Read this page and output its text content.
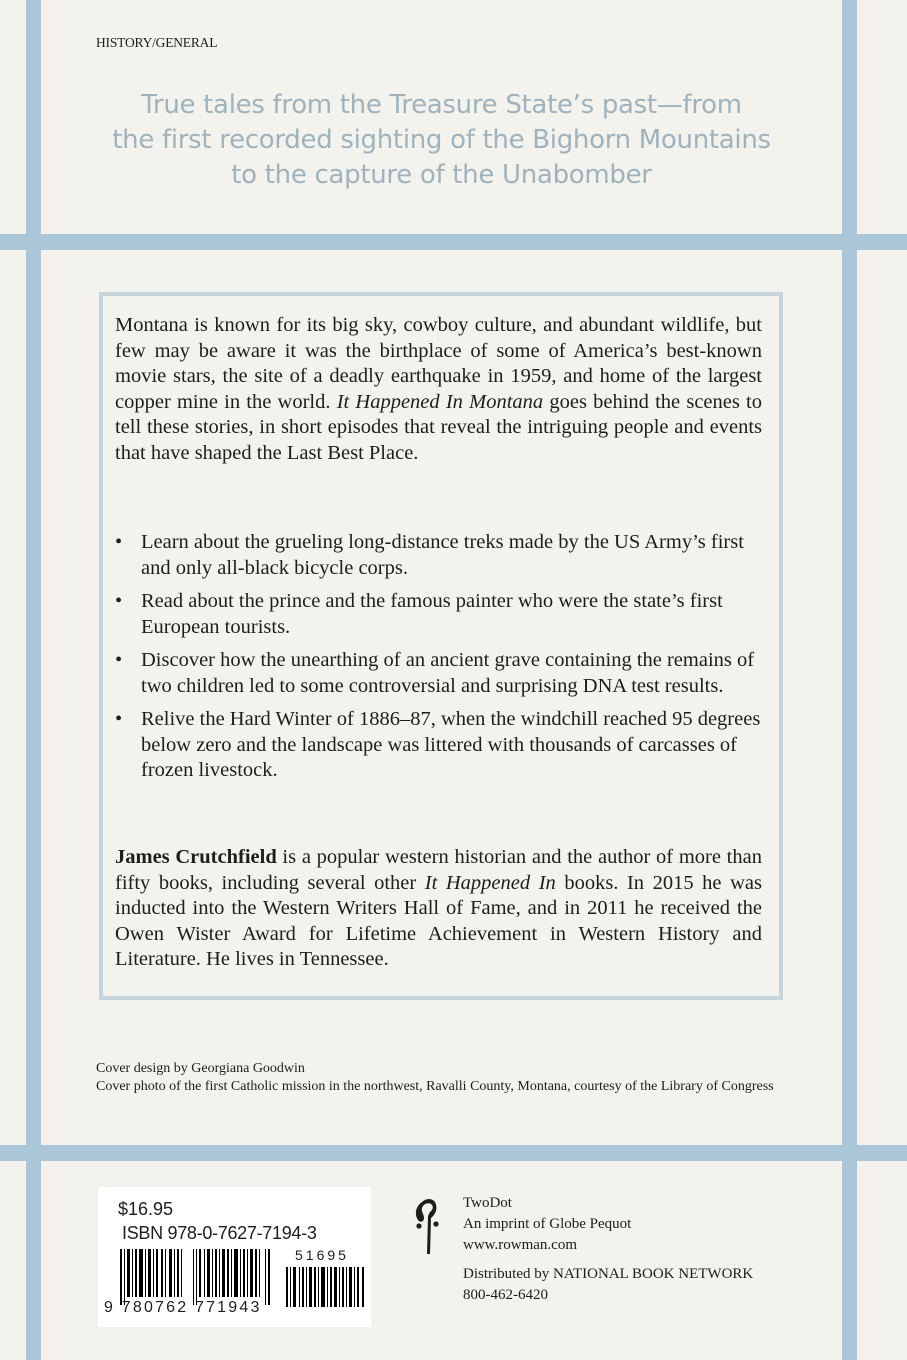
HISTORY/GENERAL
True tales from the Treasure State’s past—from
the first recorded sighting of the Bighorn Mountains
to the capture of the Unabomber

Montana is known for its big sky, cowboy culture, and abundant wildlife, but few may be aware it was the birthplace of some of America’s best-known movie stars, the site of a deadly earthquake in 1959, and home of the largest copper mine in the world. It Happened In Montana goes behind the scenes to tell these stories, in short episodes that reveal the intriguing people and events that have shaped the Last Best Place.

• Learn about the grueling long-distance treks made by the US Army’s first and only all-black bicycle corps.
• Read about the prince and the famous painter who were the state’s first European tourists.
• Discover how the unearthing of an ancient grave containing the remains of two children led to some controversial and surprising DNA test results.
• Relive the Hard Winter of 1886–87, when the windchill reached 95 degrees below zero and the landscape was littered with thousands of carcasses of frozen livestock.

James Crutchfield is a popular western historian and the author of more than fifty books, including several other It Happened In books. In 2015 he was inducted into the Western Writers Hall of Fame, and in 2011 he received the Owen Wister Award for Lifetime Achievement in Western History and Literature. He lives in Tennessee.

Cover design by Georgiana Goodwin
Cover photo of the first Catholic mission in the northwest, Ravalli County, Montana, courtesy of the Library of Congress
$16.95
ISBN 978-0-7627-7194-3
51695
9 780762 771943
TwoDot
An imprint of Globe Pequot
www.rowman.com
Distributed by NATIONAL BOOK NETWORK
800-462-6420
